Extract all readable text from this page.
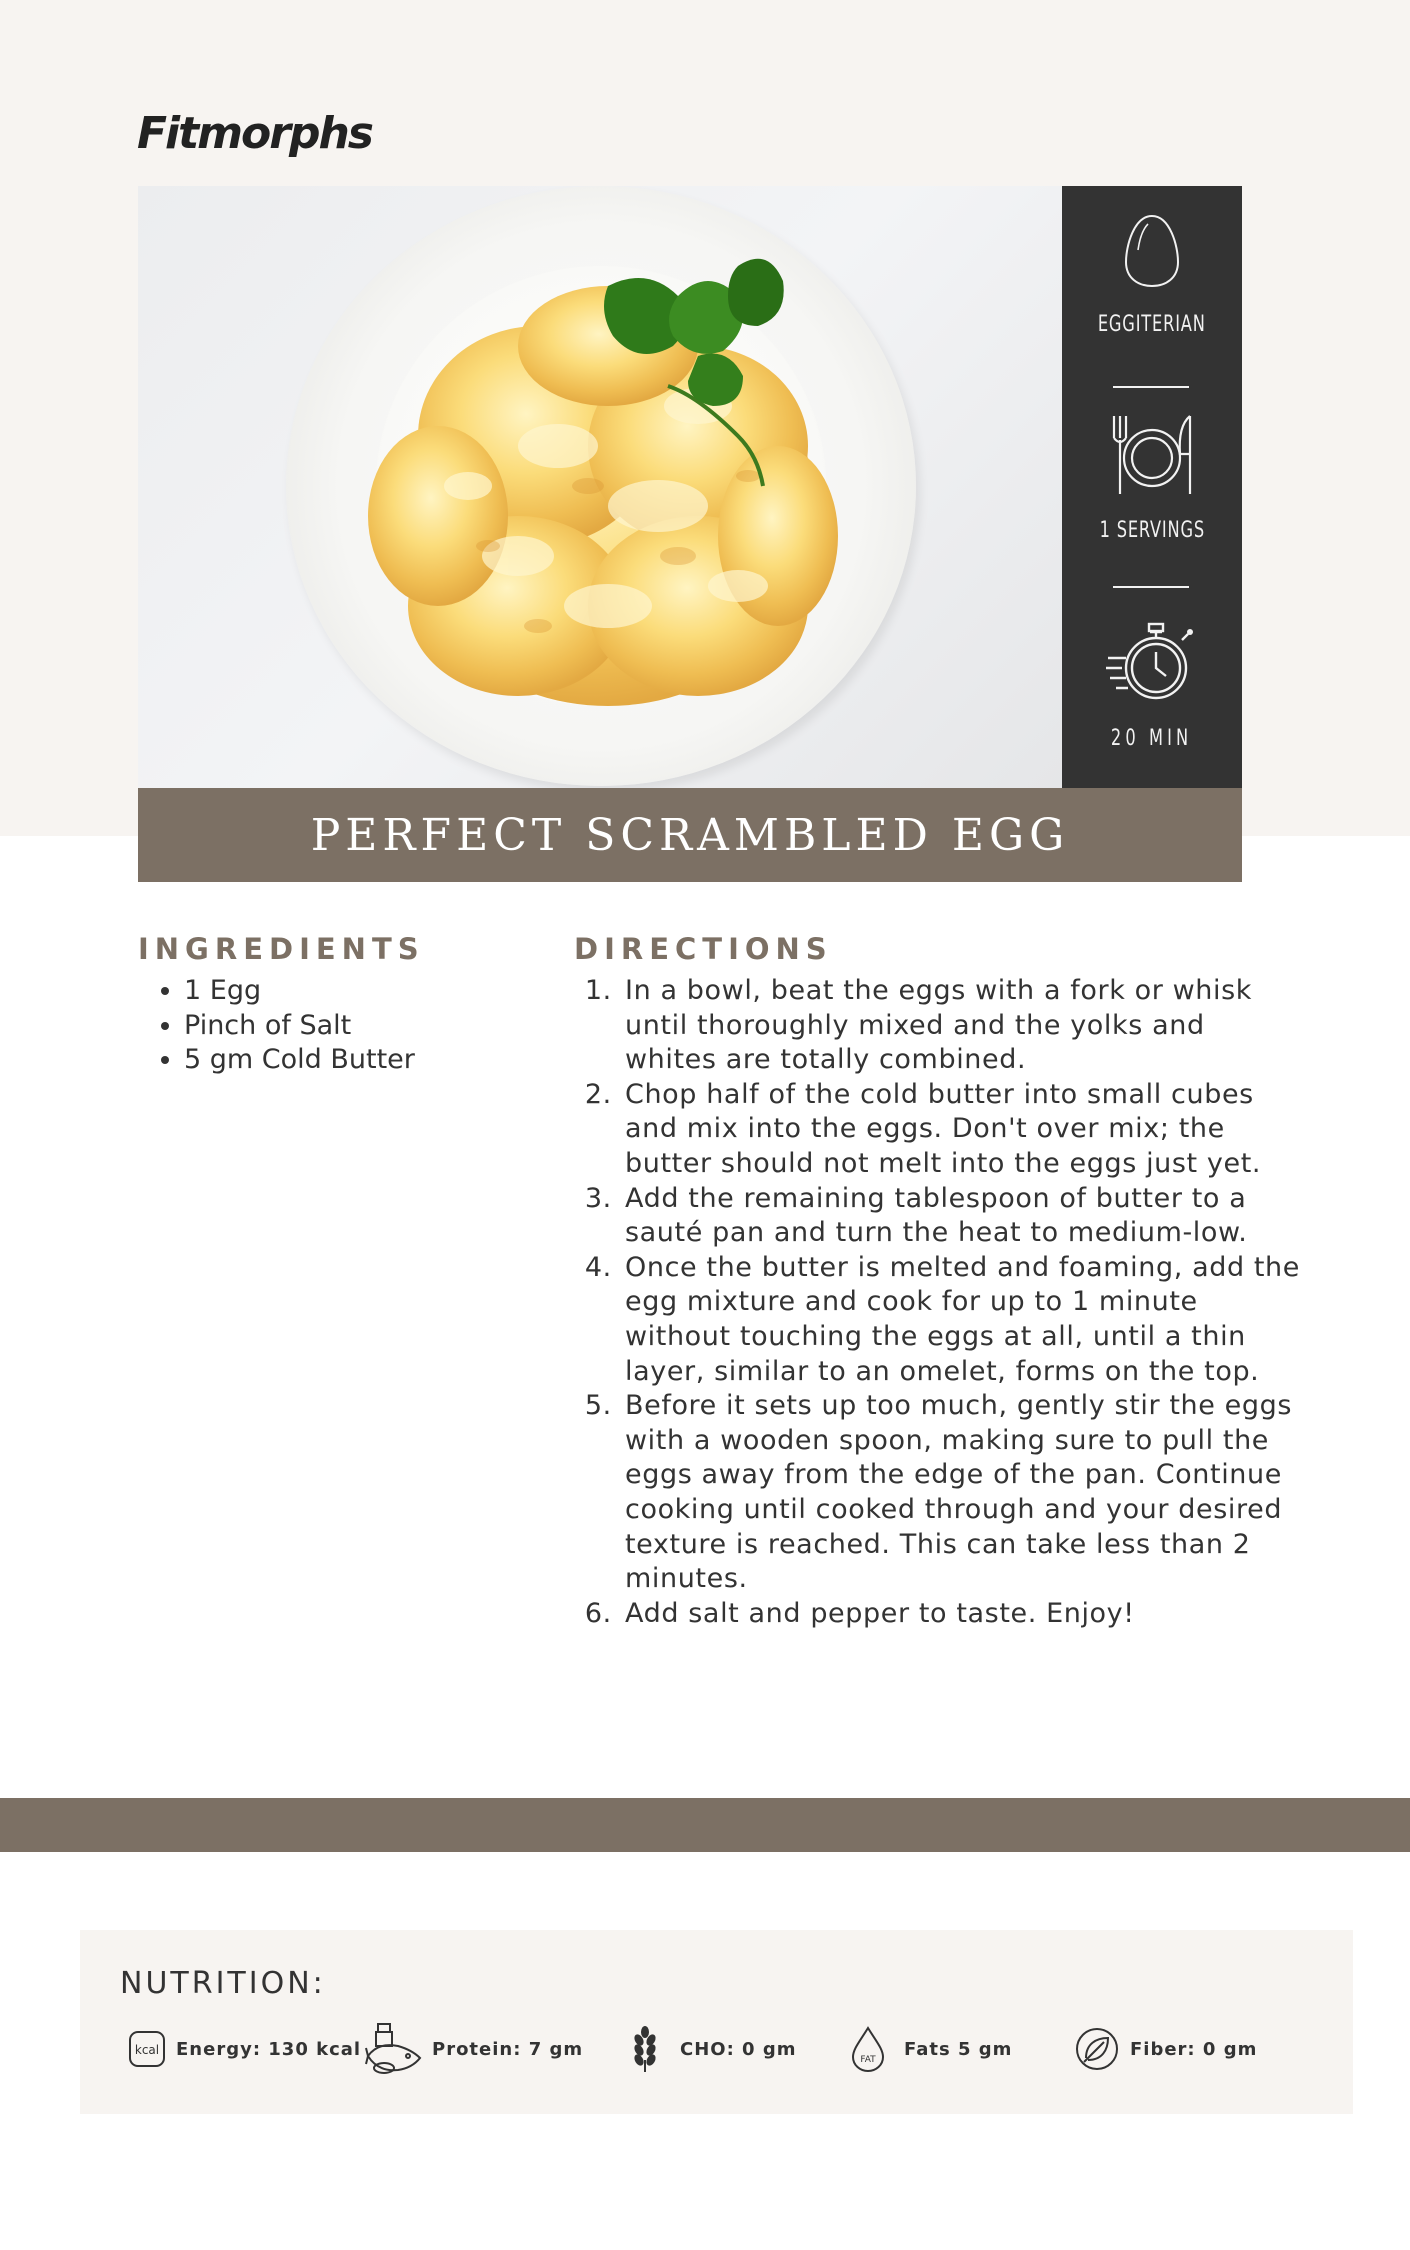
Fitmorphs
EGGITERIAN
1 SERVINGS
20 MIN
PERFECT SCRAMBLED EGG
INGREDIENTS
• 1 Egg
• Pinch of Salt
• 5 gm Cold Butter
DIRECTIONS
1. In a bowl, beat the eggs with a fork or whisk until thoroughly mixed and the yolks and whites are totally combined.
2. Chop half of the cold butter into small cubes and mix into the eggs. Don't over mix; the butter should not melt into the eggs just yet.
3. Add the remaining tablespoon of butter to a sauté pan and turn the heat to medium-low.
4. Once the butter is melted and foaming, add the egg mixture and cook for up to 1 minute without touching the eggs at all, until a thin layer, similar to an omelet, forms on the top.
5. Before it sets up too much, gently stir the eggs with a wooden spoon, making sure to pull the eggs away from the edge of the pan. Continue cooking until cooked through and your desired texture is reached. This can take less than 2 minutes.
6. Add salt and pepper to taste. Enjoy!
NUTRITION:
kcal Energy: 130 kcal	Protein: 7 gm	CHO: 0 gm
FAT
Fats 5 gm	Fiber: 0 gm
